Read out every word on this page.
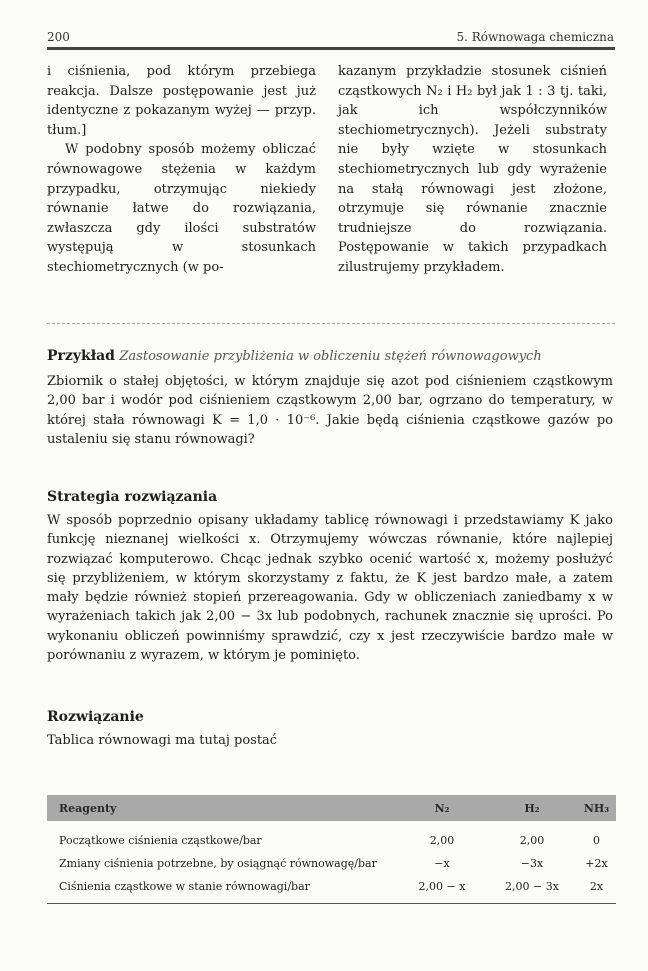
200	5. Równowaga chemiczna

i ciśnienia, pod którym przebiega reakcja. Dalsze postępowanie jest już identyczne z pokazanym wyżej — przyp. tłum.]

W podobny sposób możemy obliczać równowagowe stężenia w każdym przypadku, otrzymując niekiedy równanie łatwe do rozwiązania, zwłaszcza gdy ilości substratów występują w stosunkach stechiometrycznych (w po-

kazanym przykładzie stosunek ciśnień cząstkowych N₂ i H₂ był jak 1 : 3 tj. taki, jak ich współczynników stechiometrycznych). Jeżeli substraty nie były wzięte w stosunkach stechiometrycznych lub gdy wyrażenie na stałą równowagi jest złożone, otrzymuje się równanie znacznie trudniejsze do rozwiązania. Postępowanie w takich przypadkach zilustrujemy przykładem.

Przykład Zastosowanie przybliżenia w obliczeniu stężeń równowagowych
Zbiornik o stałej objętości, w którym znajduje się azot pod ciśnieniem cząstkowym 2,00 bar i wodór pod ciśnieniem cząstkowym 2,00 bar, ogrzano do temperatury, w której stała równowagi K = 1,0 · 10⁻⁶. Jakie będą ciśnienia cząstkowe gazów po ustaleniu się stanu równowagi?
Strategia rozwiązania
W sposób poprzednio opisany układamy tablicę równowagi i przedstawiamy K jako funkcję nieznanej wielkości x. Otrzymujemy wówczas równanie, które najlepiej rozwiązać komputerowo. Chcąc jednak szybko ocenić wartość x, możemy posłużyć się przybliżeniem, w którym skorzystamy z faktu, że K jest bardzo małe, a zatem mały będzie również stopień przereagowania. Gdy w obliczeniach zaniedbamy x w wyrażeniach takich jak 2,00 − 3x lub podobnych, rachunek znacznie się uprości. Po wykonaniu obliczeń powinniśmy sprawdzić, czy x jest rzeczywiście bardzo małe w porównaniu z wyrazem, w którym je pominięto.
Rozwiązanie
Tablica równowagi ma tutaj postać
Reagenty	N₂	H₂	NH₃
Początkowe ciśnienia cząstkowe/bar	2,00	2,00	0
Zmiany ciśnienia potrzebne, by osiągnąć równowagę/bar	−x	−3x	+2x
Ciśnienia cząstkowe w stanie równowagi/bar	2,00 − x	2,00 − 3x	2x
